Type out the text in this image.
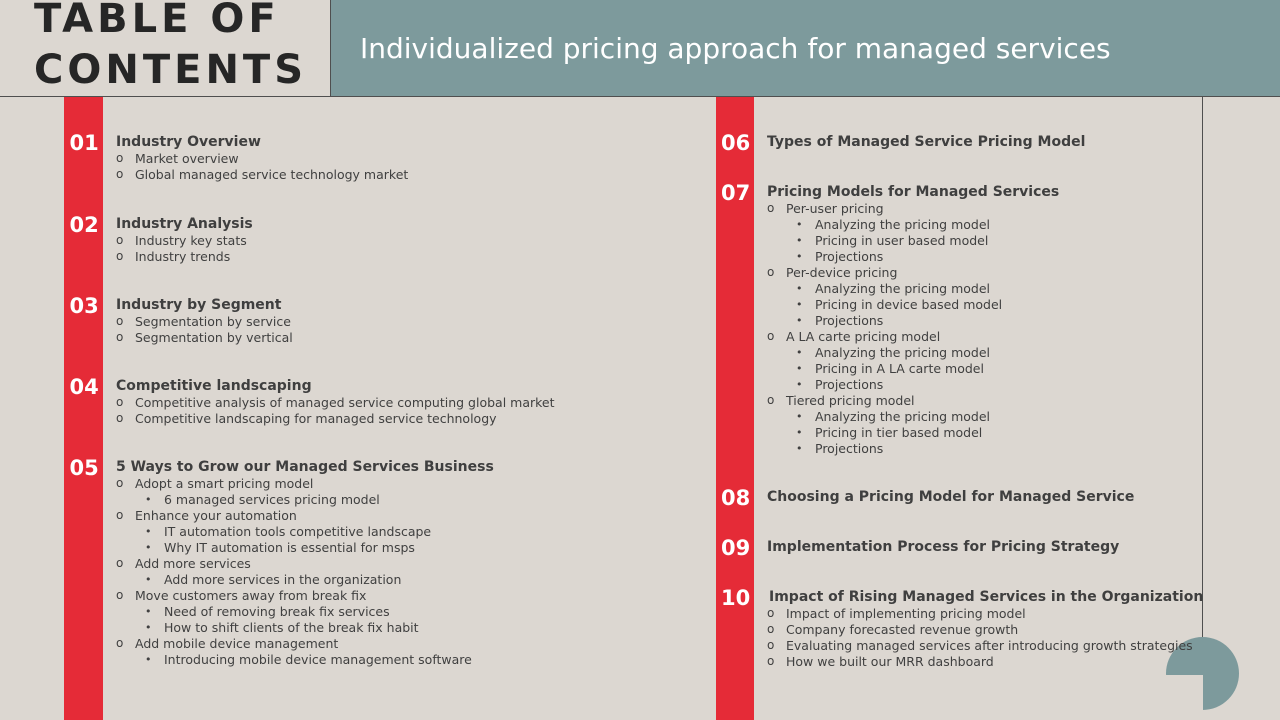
TABLE OF
CONTENTS Individualized pricing approach for managed services
01 Industry Overview
o Market overview
o Global managed service technology market
02 Industry Analysis
o Industry key stats
o Industry trends
03 Industry by Segment
o Segmentation by service
o Segmentation by vertical
04 Competitive landscaping
o Competitive analysis of managed service computing global market
o Competitive landscaping for managed service technology
05 5 Ways to Grow our Managed Services Business
o Adopt a smart pricing model
• 6 managed services pricing model
o Enhance your automation
• IT automation tools competitive landscape
• Why IT automation is essential for msps
o Add more services
• Add more services in the organization
o Move customers away from break fix
• Need of removing break fix services
• How to shift clients of the break fix habit
o Add mobile device management
• Introducing mobile device management software
06 Types of Managed Service Pricing Model
07 Pricing Models for Managed Services
o Per-user pricing
• Analyzing the pricing model
• Pricing in user based model
• Projections
o Per-device pricing
• Analyzing the pricing model
• Pricing in device based model
• Projections
o A LA carte pricing model
• Analyzing the pricing model
• Pricing in A LA carte model
• Projections
o Tiered pricing model
• Analyzing the pricing model
• Pricing in tier based model
• Projections
08 Choosing a Pricing Model for Managed Service
09 Implementation Process for Pricing Strategy
10 Impact of Rising Managed Services in the Organization
o Impact of implementing pricing model
o Company forecasted revenue growth
o Evaluating managed services after introducing growth strategies
o How we built our MRR dashboard
